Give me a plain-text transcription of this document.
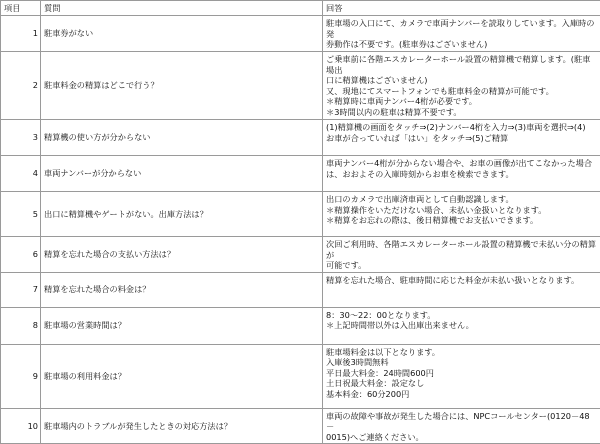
項目	質問	回答
1	駐車券がない	駐車場の入口にて、カメラで車両ナンバーを読取りしています。入庫時の発
券動作は不要です。(駐車券はございません)
2	駐車料金の精算はどこで行う？	ご乗車前に各階エスカレーターホール設置の精算機で精算します。(駐車場出
口に精算機はございません)
又、現地にてスマートフォンでも駐車料金の精算が可能です。
＊精算時に車両ナンバー4桁が必要です。
＊3時間以内の駐車は精算不要です。
3	精算機の使い方が分からない	(1)精算機の画面をタッチ⇒(2)ナンバー4桁を入力⇒(3)車両を選択⇒(4)
お車が合っていれば「はい」をタッチ⇒(5)ご精算
4	車両ナンバーが分からない	車両ナンバー4桁が分からない場合や、お車の画像が出てこなかった場合
は、おおよその入庫時刻からお車を検索できます。
5	出口に精算機やゲートがない。出庫方法は？	出口のカメラで出庫済車両として自動認識します。
＊精算操作をいただけない場合、未払い金扱いとなります。
＊精算をお忘れの際は、後日精算機でお支払いできます。
6	精算を忘れた場合の支払い方法は？	次回ご利用時、各階エスカレーターホール設置の精算機で未払い分の精算が
可能です。
7	精算を忘れた場合の料金は？	精算を忘れた場合、駐車時間に応じた料金が未払い扱いとなります。
8	駐車場の営業時間は？	8：30～22：00となります。
＊上記時間帯以外は入出庫出来ません。
9	駐車場の利用料金は？	駐車場料金は以下となります。
入庫後3時間無料
平日最大料金：24時間600円
土日祝最大料金：設定なし
基本料金：60分200円
10	駐車場内のトラブルが発生したときの対応方法は？	車両の故障や事故が発生した場合には、NPCコールセンター(0120－48－
0015)へご連絡ください。
